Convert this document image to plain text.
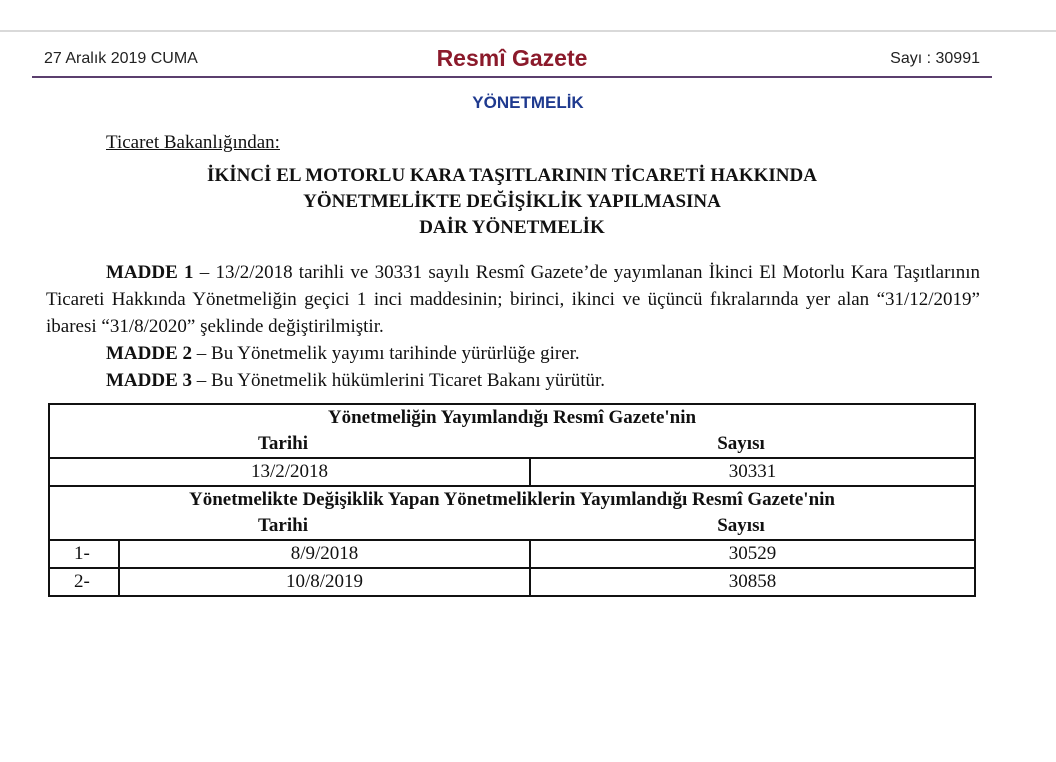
27 Aralık 2019 CUMA	Resmî Gazete	Sayı : 30991
YÖNETMELİK
Ticaret Bakanlığından:
İKİNCİ EL MOTORLU KARA TAŞITLARININ TİCARETİ HAKKINDA
YÖNETMELİKTE DEĞİŞİKLİK YAPILMASINA
DAİR YÖNETMELİK

MADDE 1 – 13/2/2018 tarihli ve 30331 sayılı Resmî Gazete’de yayımlanan İkinci El Motorlu Kara Taşıtlarının Ticareti Hakkında Yönetmeliğin geçici 1 inci maddesinin; birinci, ikinci ve üçüncü fıkralarında yer alan “31/12/2019” ibaresi “31/8/2020” şeklinde değiştirilmiştir.

MADDE 2 – Bu Yönetmelik yayımı tarihinde yürürlüğe girer.

MADDE 3 – Bu Yönetmelik hükümlerini Ticaret Bakanı yürütür.

Yönetmeliğin Yayımlandığı Resmî Gazete'nin
Tarihi Sayısı		

13/2/2018		30331

Yönetmelikte Değişiklik Yapan Yönetmeliklerin Yayımlandığı Resmî Gazete'nin
Tarihi Sayısı		

1-	8/9/2018	30529
2-	10/8/2019	30858
